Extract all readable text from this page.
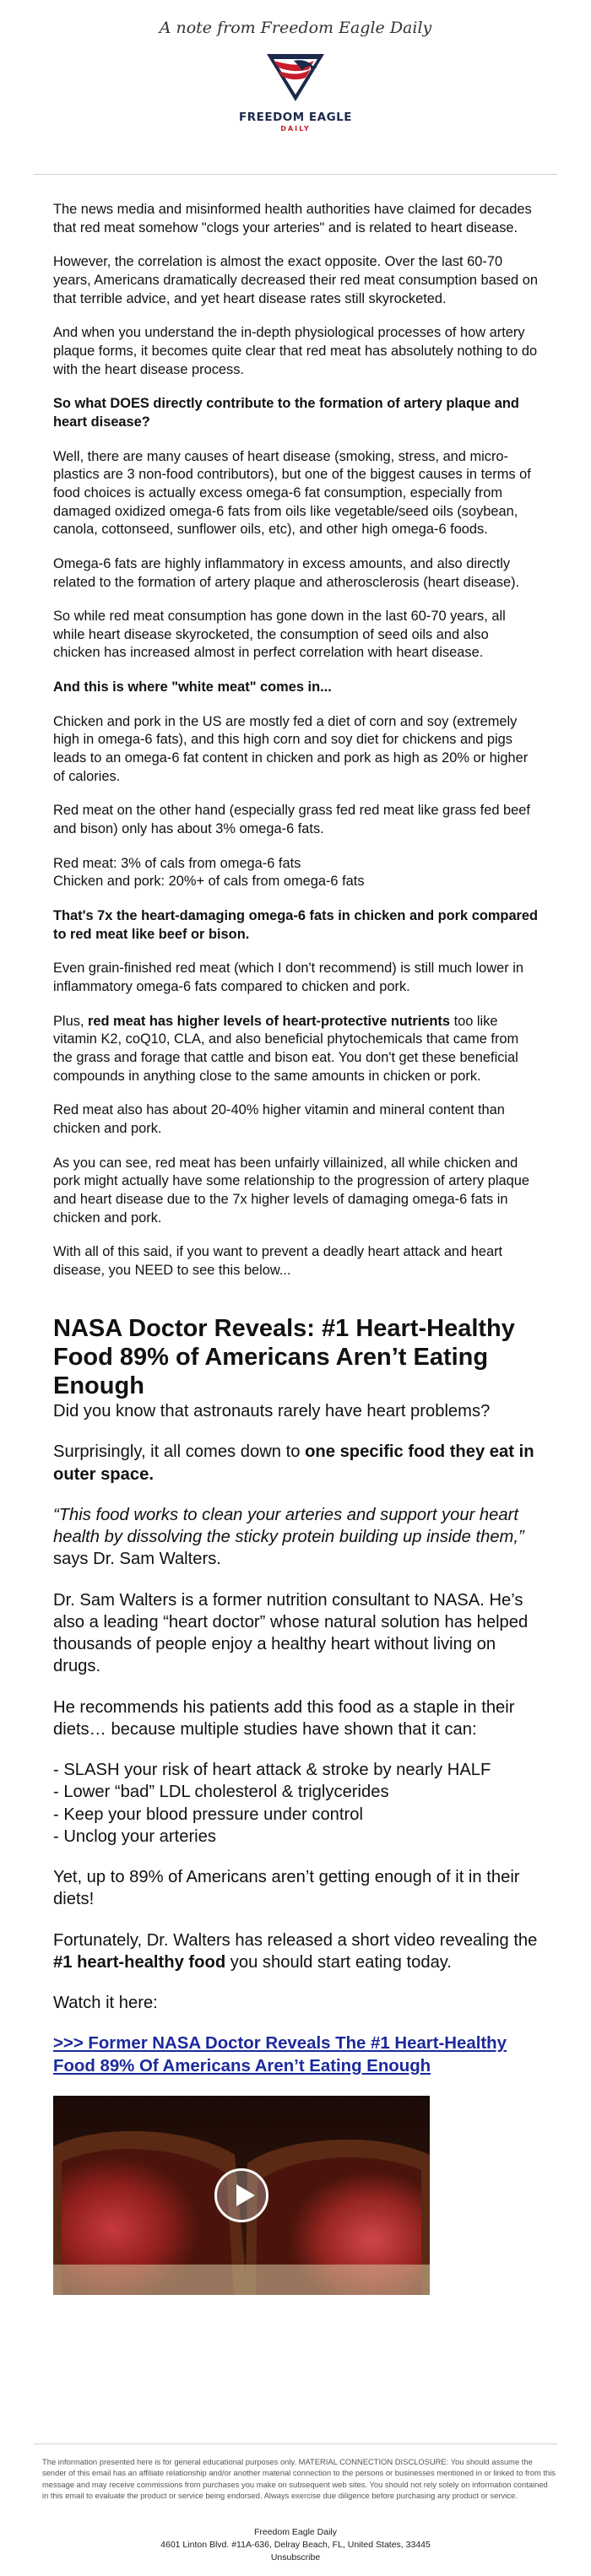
A note from Freedom Eagle Daily
FREEDOM EAGLE
DAILY

The news media and misinformed health authorities have claimed for decades that red meat somehow "clogs your arteries" and is related to heart disease.

However, the correlation is almost the exact opposite. Over the last 60-70 years, Americans dramatically decreased their red meat consumption based on that terrible advice, and yet heart disease rates still skyrocketed.

And when you understand the in-depth physiological processes of how artery plaque forms, it becomes quite clear that red meat has absolutely nothing to do with the heart disease process.

So what DOES directly contribute to the formation of artery plaque and heart disease?

Well, there are many causes of heart disease (smoking, stress, and micro-plastics are 3 non-food contributors), but one of the biggest causes in terms of food choices is actually excess omega-6 fat consumption, especially from damaged oxidized omega-6 fats from oils like vegetable/seed oils (soybean, canola, cottonseed, sunflower oils, etc), and other high omega-6 foods.

Omega-6 fats are highly inflammatory in excess amounts, and also directly related to the formation of artery plaque and atherosclerosis (heart disease).

So while red meat consumption has gone down in the last 60-70 years, all while heart disease skyrocketed, the consumption of seed oils and also chicken has increased almost in perfect correlation with heart disease.

And this is where "white meat" comes in...

Chicken and pork in the US are mostly fed a diet of corn and soy (extremely high in omega-6 fats), and this high corn and soy diet for chickens and pigs leads to an omega-6 fat content in chicken and pork as high as 20% or higher of calories.

Red meat on the other hand (especially grass fed red meat like grass fed beef and bison) only has about 3% omega-6 fats.

Red meat: 3% of cals from omega-6 fats
Chicken and pork: 20%+ of cals from omega-6 fats

That's 7x the heart-damaging omega-6 fats in chicken and pork compared to red meat like beef or bison.

Even grain-finished red meat (which I don't recommend) is still much lower in inflammatory omega-6 fats compared to chicken and pork.

Plus, red meat has higher levels of heart-protective nutrients too like vitamin K2, coQ10, CLA, and also beneficial phytochemicals that came from the grass and forage that cattle and bison eat. You don't get these beneficial compounds in anything close to the same amounts in chicken or pork.

Red meat also has about 20-40% higher vitamin and mineral content than chicken and pork.

As you can see, red meat has been unfairly villainized, all while chicken and pork might actually have some relationship to the progression of artery plaque and heart disease due to the 7x higher levels of damaging omega-6 fats in chicken and pork.

With all of this said, if you want to prevent a deadly heart attack and heart disease, you NEED to see this below...

NASA Doctor Reveals: #1 Heart-Healthy Food 89% of Americans Aren’t Eating Enough

Did you know that astronauts rarely have heart problems?

Surprisingly, it all comes down to one specific food they eat in outer space.

“This food works to clean your arteries and support your heart health by dissolving the sticky protein building up inside them,” says Dr. Sam Walters.

Dr. Sam Walters is a former nutrition consultant to NASA. He’s also a leading “heart doctor” whose natural solution has helped thousands of people enjoy a healthy heart without living on drugs.

He recommends his patients add this food as a staple in their diets… because multiple studies have shown that it can:

- SLASH your risk of heart attack & stroke by nearly HALF
- Lower “bad” LDL cholesterol & triglycerides
- Keep your blood pressure under control
- Unclog your arteries

Yet, up to 89% of Americans aren’t getting enough of it in their diets!

Fortunately, Dr. Walters has released a short video revealing the #1 heart-healthy food you should start eating today.

Watch it here:

>>> Former NASA Doctor Reveals The #1 Heart-Healthy Food 89% Of Americans Aren’t Eating Enough

The information presented here is for general educational purposes only. MATERIAL CONNECTION DISCLOSURE: You should assume the sender of this email has an affiliate relationship and/or another material connection to the persons or businesses mentioned in or linked to from this message and may receive commissions from purchases you make on subsequent web sites. You should not rely solely on information contained in this email to evaluate the product or service being endorsed. Always exercise due diligence before purchasing any product or service.
Freedom Eagle Daily
4601 Linton Blvd. #11A-636, Delray Beach, FL, United States, 33445
Unsubscribe
